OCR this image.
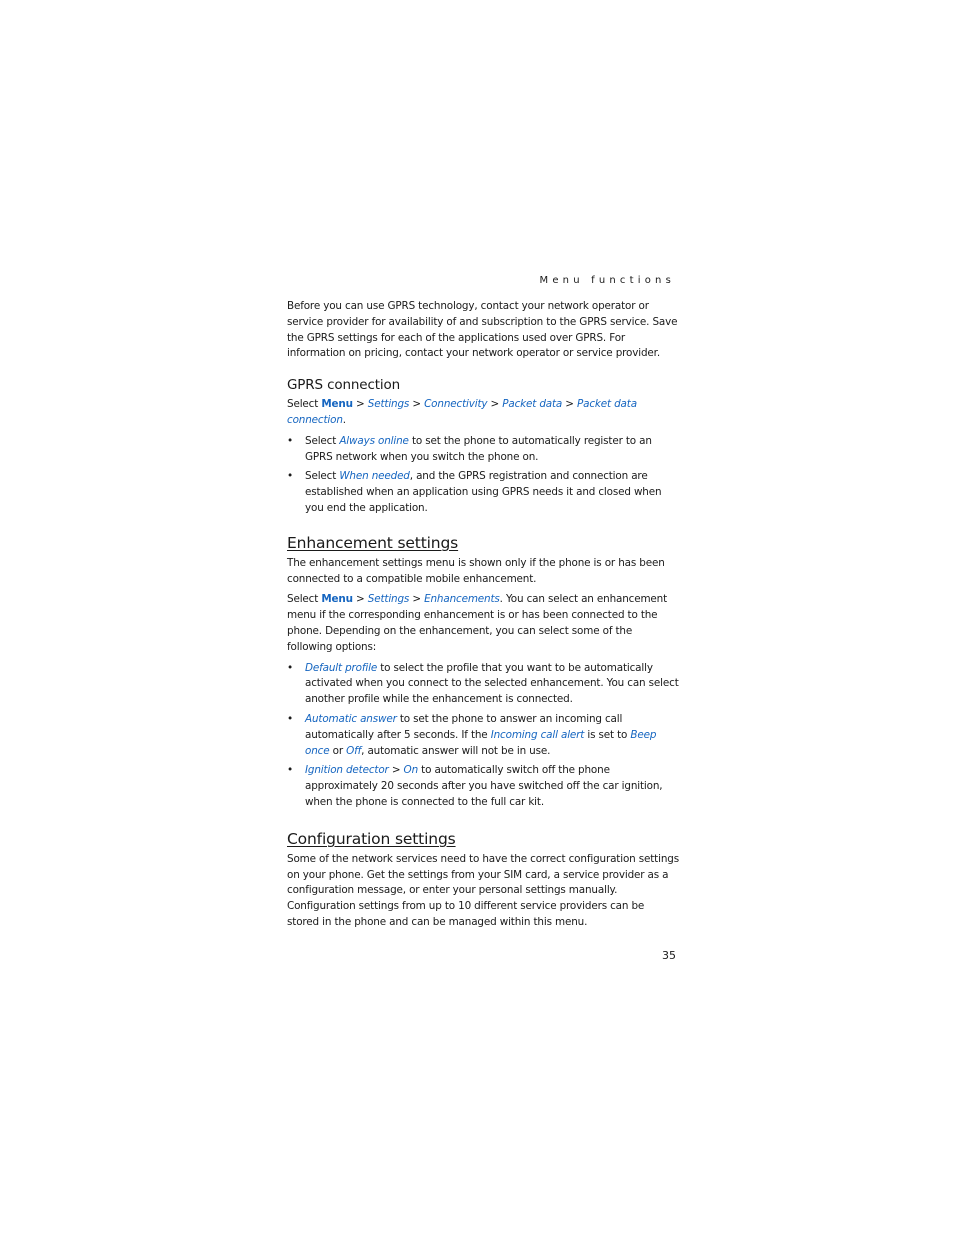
Menu functions

Before you can use GPRS technology, contact your network operator or service provider for availability of and subscription to the GPRS service. Save the GPRS settings for each of the applications used over GPRS. For information on pricing, contact your network operator or service provider.

GPRS connection

Select Menu > Settings > Connectivity > Packet data > Packet data connection.

• Select Always online to set the phone to automatically register to an GPRS network when you switch the phone on.
• Select When needed, and the GPRS registration and connection are established when an application using GPRS needs it and closed when you end the application.
Enhancement settings

The enhancement settings menu is shown only if the phone is or has been connected to a compatible mobile enhancement.

Select Menu > Settings > Enhancements. You can select an enhancement menu if the corresponding enhancement is or has been connected to the phone. Depending on the enhancement, you can select some of the following options:

• Default profile to select the profile that you want to be automatically activated when you connect to the selected enhancement. You can select another profile while the enhancement is connected.
• Automatic answer to set the phone to answer an incoming call automatically after 5 seconds. If the Incoming call alert is set to Beep once or Off, automatic answer will not be in use.
• Ignition detector > On to automatically switch off the phone approximately 20 seconds after you have switched off the car ignition, when the phone is connected to the full car kit.
Configuration settings

Some of the network services need to have the correct configuration settings on your phone. Get the settings from your SIM card, a service provider as a configuration message, or enter your personal settings manually. Configuration settings from up to 10 different service providers can be stored in the phone and can be managed within this menu.

35
